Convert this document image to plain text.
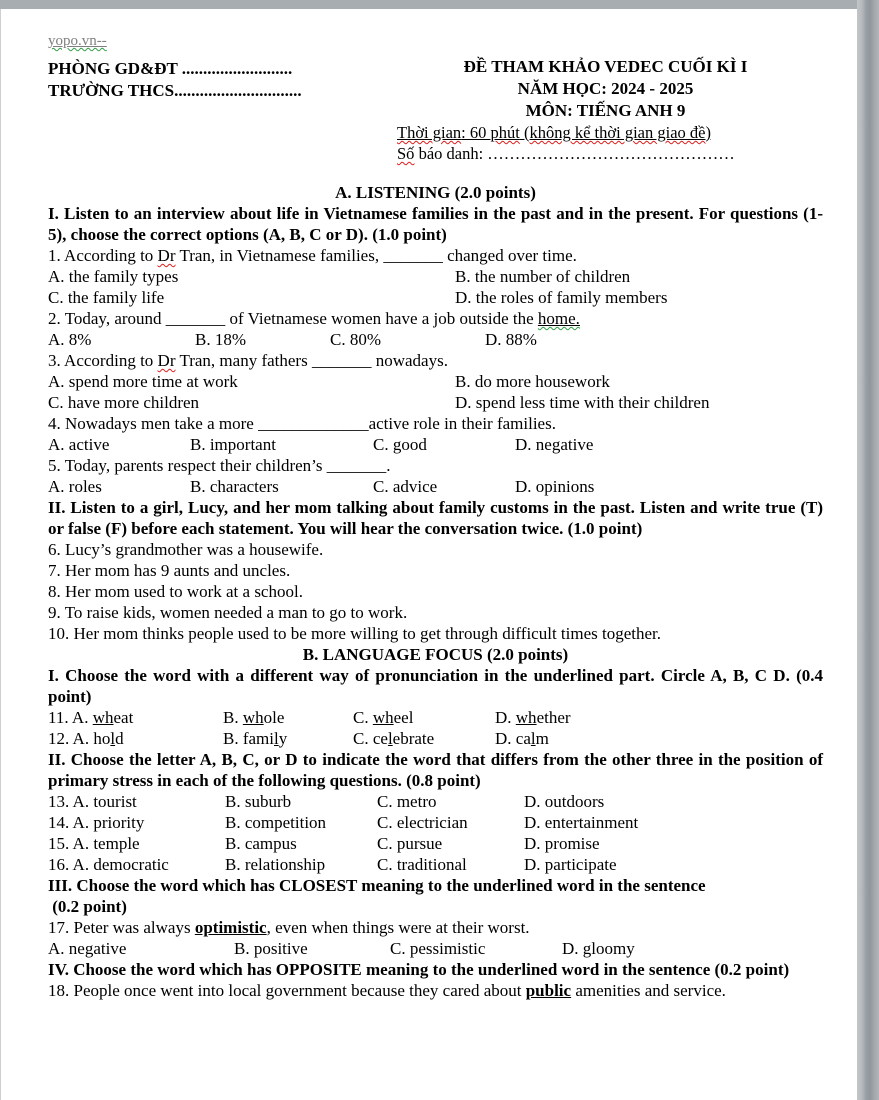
yopo.vn--
PHÒNG GD&ĐT ..........................
TRƯỜNG THCS..............................
ĐỀ THAM KHẢO VEDEC CUỐI KÌ I
NĂM HỌC: 2024 - 2025
MÔN: TIẾNG ANH 9
Thời gian: 60 phút (không kể thời gian giao đề)
Số báo danh: ………………………………………
A. LISTENING (2.0 points)
I. Listen to an interview about life in Vietnamese families in the past and in the present. For questions (1-5), choose the correct options (A, B, C or D). (1.0 point)
1. According to Dr Tran, in Vietnamese families, _______ changed over time.
A. the family types	B. the number of children
C. the family life	D. the roles of family members
2. Today, around _______ of Vietnamese women have a job outside the home.
A. 8%	B. 18%	C. 80%	D. 88%
3. According to Dr Tran, many fathers _______ nowadays.
A. spend more time at work	B. do more housework
C. have more children	D. spend less time with their children
4. Nowadays men take a more _____________active role in their families.
A. active	B. important	C. good	D. negative
5. Today, parents respect their children’s _______.
A. roles	B. characters	C. advice	D. opinions
II. Listen to a girl, Lucy, and her mom talking about family customs in the past. Listen and write true (T) or false (F) before each statement. You will hear the conversation twice. (1.0 point)
6. Lucy’s grandmother was a housewife.
7. Her mom has 9 aunts and uncles.
8. Her mom used to work at a school.
9. To raise kids, women needed a man to go to work.
10. Her mom thinks people used to be more willing to get through difficult times together.
B. LANGUAGE FOCUS (2.0 points)
I. Choose the word with a different way of pronunciation in the underlined part. Circle A, B, C D. (0.4 point)
11. A. wheat	B. whole	C. wheel	D. whether
12. A. hold	B. family	C. celebrate	D. calm
II. Choose the letter A, B, C, or D to indicate the word that differs from the other three in the position of primary stress in each of the following questions. (0.8 point)
13. A. tourist	B. suburb	C. metro	D. outdoors
14. A. priority	B. competition	C. electrician	D. entertainment
15. A. temple	B. campus	C. pursue	D. promise
16. A. democratic	B. relationship	C. traditional	D. participate
III. Choose the word which has CLOSEST meaning to the underlined word in the sentence
(0.2 point)
17. Peter was always optimistic, even when things were at their worst.
A. negative	B. positive	C. pessimistic	D. gloomy
IV. Choose the word which has OPPOSITE meaning to the underlined word in the sentence (0.2 point)
18. People once went into local government because they cared about public amenities and service.
